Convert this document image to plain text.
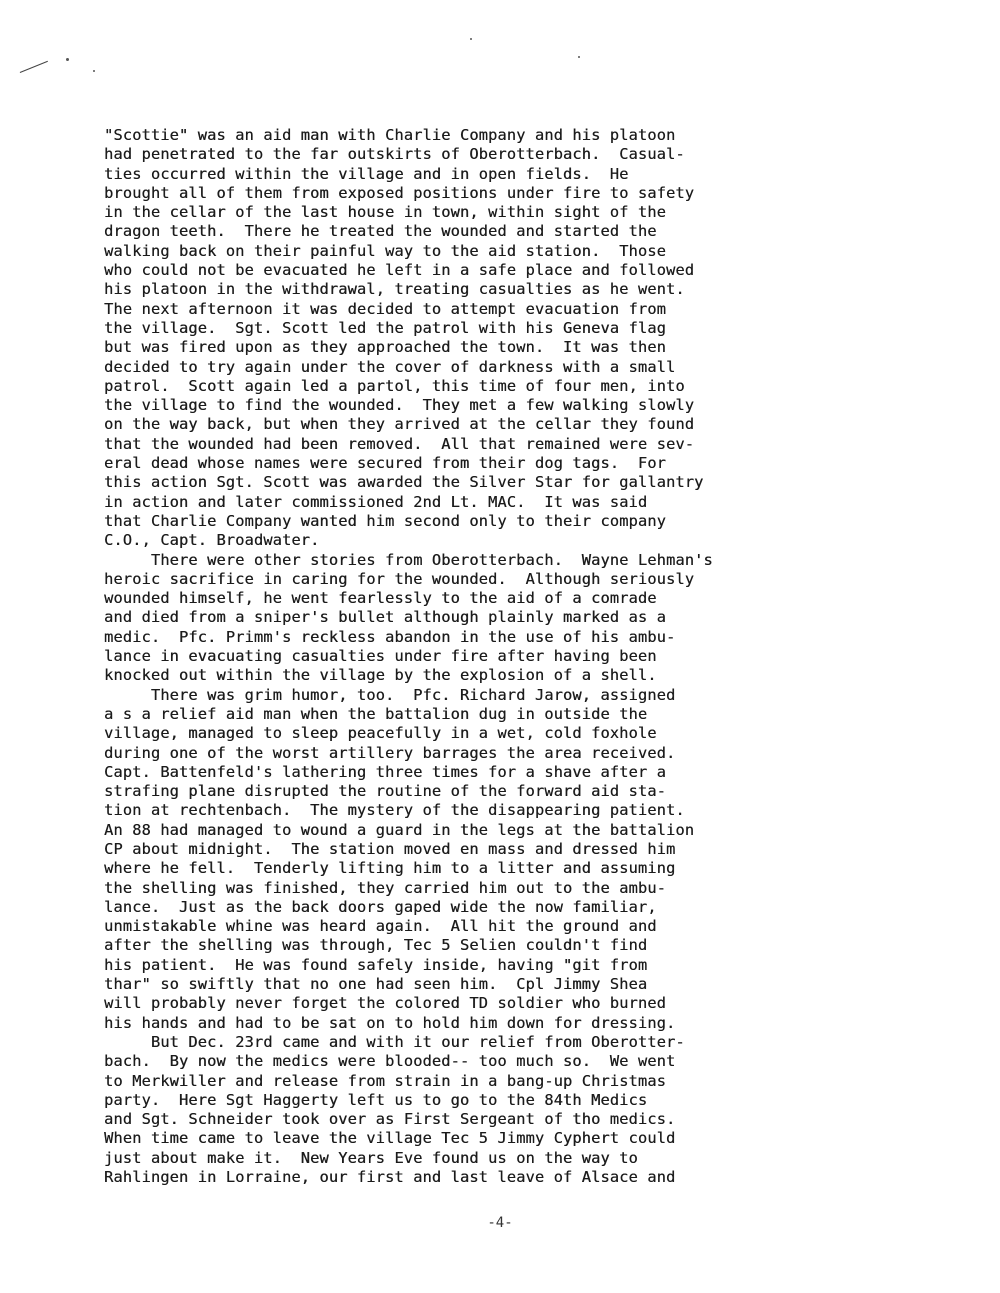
"Scottie" was an aid man with Charlie Company and his platoon
had penetrated to the far outskirts of Oberotterbach.  Casual-
ties occurred within the village and in open fields.  He
brought all of them from exposed positions under fire to safety
in the cellar of the last house in town, within sight of the
dragon teeth.  There he treated the wounded and started the
walking back on their painful way to the aid station.  Those
who could not be evacuated he left in a safe place and followed
his platoon in the withdrawal, treating casualties as he went.
The next afternoon it was decided to attempt evacuation from
the village.  Sgt. Scott led the patrol with his Geneva flag
but was fired upon as they approached the town.  It was then
decided to try again under the cover of darkness with a small
patrol.  Scott again led a partol, this time of four men, into
the village to find the wounded.  They met a few walking slowly
on the way back, but when they arrived at the cellar they found
that the wounded had been removed.  All that remained were sev-
eral dead whose names were secured from their dog tags.  For
this action Sgt. Scott was awarded the Silver Star for gallantry
in action and later commissioned 2nd Lt. MAC.  It was said
that Charlie Company wanted him second only to their company
C.O., Capt. Broadwater.
There were other stories from Oberotterbach.  Wayne Lehman's
heroic sacrifice in caring for the wounded.  Although seriously
wounded himself, he went fearlessly to the aid of a comrade
and died from a sniper's bullet although plainly marked as a
medic.  Pfc. Primm's reckless abandon in the use of his ambu-
lance in evacuating casualties under fire after having been
knocked out within the village by the explosion of a shell.
There was grim humor, too.  Pfc. Richard Jarow, assigned
a s a relief aid man when the battalion dug in outside the
village, managed to sleep peacefully in a wet, cold foxhole
during one of the worst artillery barrages the area received.
Capt. Battenfeld's lathering three times for a shave after a
strafing plane disrupted the routine of the forward aid sta-
tion at rechtenbach.  The mystery of the disappearing patient.
An 88 had managed to wound a guard in the legs at the battalion
CP about midnight.  The station moved en mass and dressed him
where he fell.  Tenderly lifting him to a litter and assuming
the shelling was finished, they carried him out to the ambu-
lance.  Just as the back doors gaped wide the now familiar,
unmistakable whine was heard again.  All hit the ground and
after the shelling was through, Tec 5 Selien couldn't find
his patient.  He was found safely inside, having "git from
thar" so swiftly that no one had seen him.  Cpl Jimmy Shea
will probably never forget the colored TD soldier who burned
his hands and had to be sat on to hold him down for dressing.
But Dec. 23rd came and with it our relief from Oberotter-
bach.  By now the medics were blooded-- too much so.  We went
to Merkwiller and release from strain in a bang-up Christmas
party.  Here Sgt Haggerty left us to go to the 84th Medics
and Sgt. Schneider took over as First Sergeant of tho medics.
When time came to leave the village Tec 5 Jimmy Cyphert could
just about make it.  New Years Eve found us on the way to
Rahlingen in Lorraine, our first and last leave of Alsace and
-4-
